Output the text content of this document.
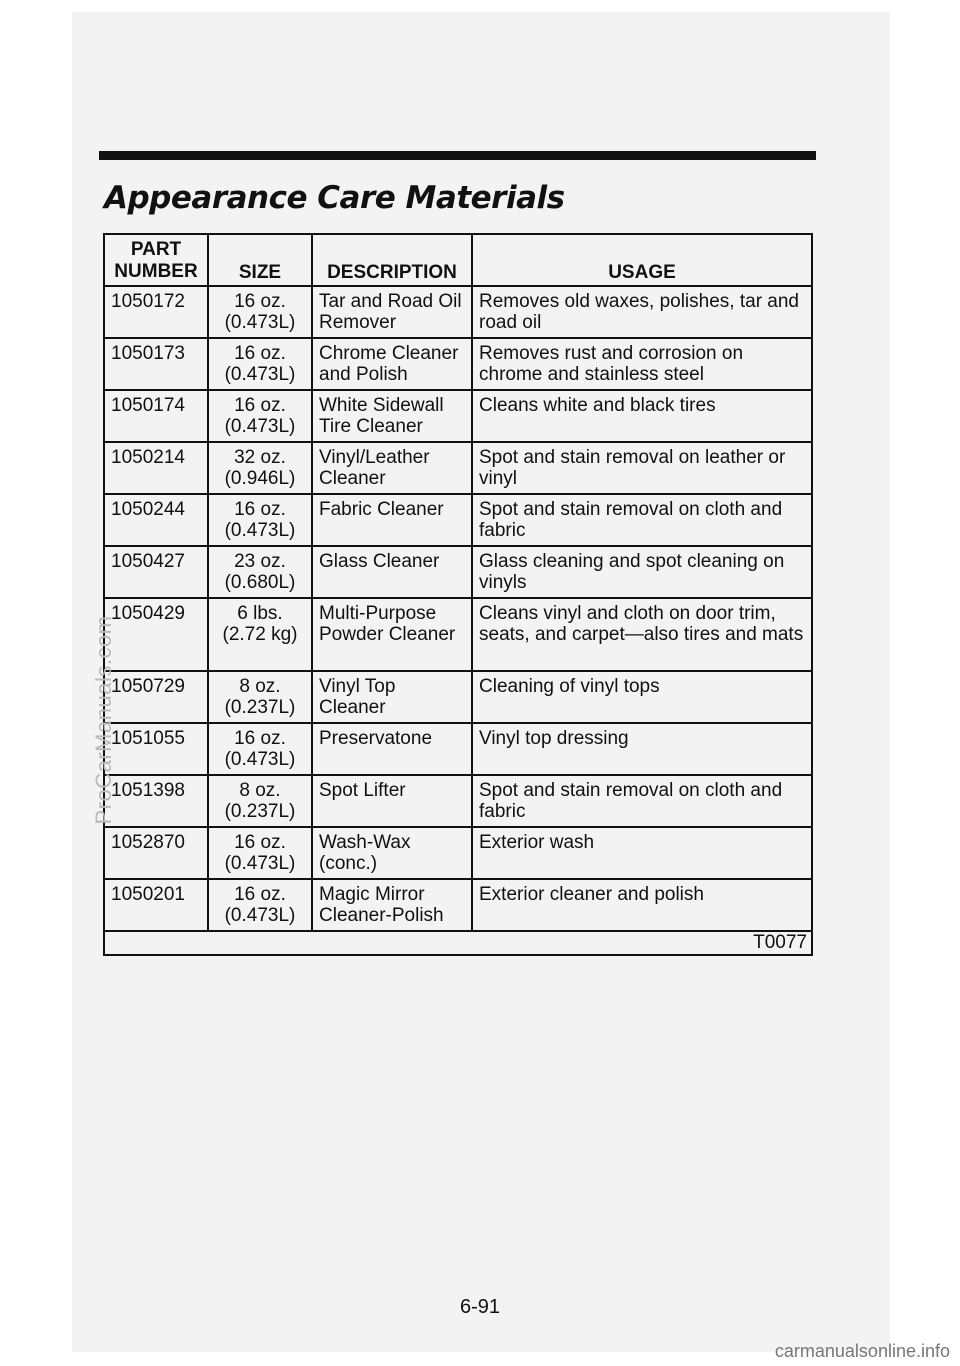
Appearance Care Materials
PART NUMBER	SIZE	DESCRIPTION	USAGE
1050172	16 oz. (0.473L)	Tar and Road Oil Remover	Removes old waxes, polishes, tar and road oil
1050173	16 oz. (0.473L)	Chrome Cleaner and Polish	Removes rust and corrosion on chrome and stainless steel
1050174	16 oz. (0.473L)	White Sidewall Tire Cleaner	Cleans white and black tires
1050214	32 oz. (0.946L)	Vinyl/Leather Cleaner	Spot and stain removal on leather or vinyl
1050244	16 oz. (0.473L)	Fabric Cleaner	Spot and stain removal on cloth and fabric
1050427	23 oz. (0.680L)	Glass Cleaner	Glass cleaning and spot cleaning on vinyls
1050429	6 lbs. (2.72 kg)	Multi-Purpose Powder Cleaner	Cleans vinyl and cloth on door trim, seats, and carpet—also tires and mats
1050729	8 oz. (0.237L)	Vinyl Top Cleaner	Cleaning of vinyl tops
1051055	16 oz. (0.473L)	Preservatone	Vinyl top dressing
1051398	8 oz. (0.237L)	Spot Lifter	Spot and stain removal on cloth and fabric
1052870	16 oz. (0.473L)	Wash-Wax (conc.)	Exterior wash
1050201	16 oz. (0.473L)	Magic Mirror Cleaner-Polish	Exterior cleaner and polish
T0077			
6-91
ProCarManuals.com
carmanualsonline.info
